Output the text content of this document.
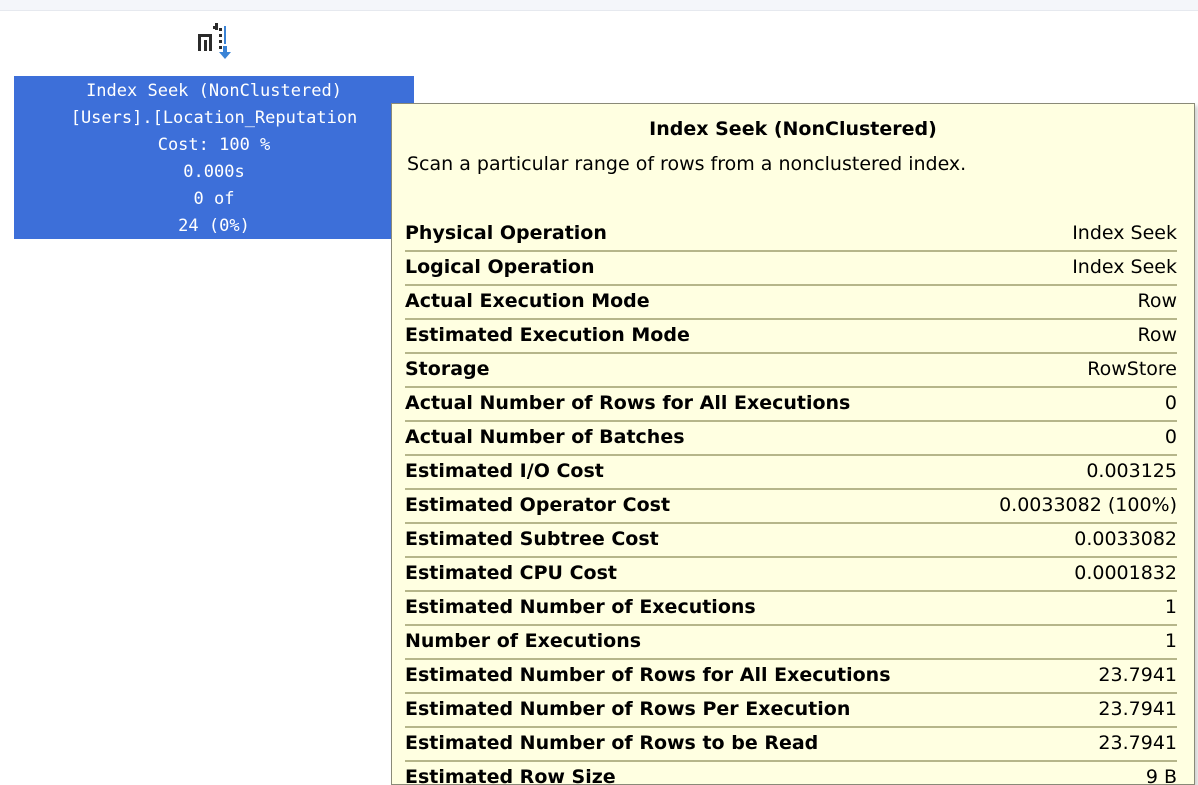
Index Seek (NonClustered)
[Users].[Location_Reputation
Cost: 100 %
0.000s
0 of
24 (0%)
Index Seek (NonClustered)
Scan a particular range of rows from a nonclustered index.
Physical Operation	Index Seek
Logical Operation	Index Seek
Actual Execution Mode	Row
Estimated Execution Mode	Row
Storage	RowStore
Actual Number of Rows for All Executions	0
Actual Number of Batches	0
Estimated I/O Cost	0.003125
Estimated Operator Cost	0.0033082 (100%)
Estimated Subtree Cost	0.0033082
Estimated CPU Cost	0.0001832
Estimated Number of Executions	1
Number of Executions	1
Estimated Number of Rows for All Executions	23.7941
Estimated Number of Rows Per Execution	23.7941
Estimated Number of Rows to be Read	23.7941
Estimated Row Size	9 B
